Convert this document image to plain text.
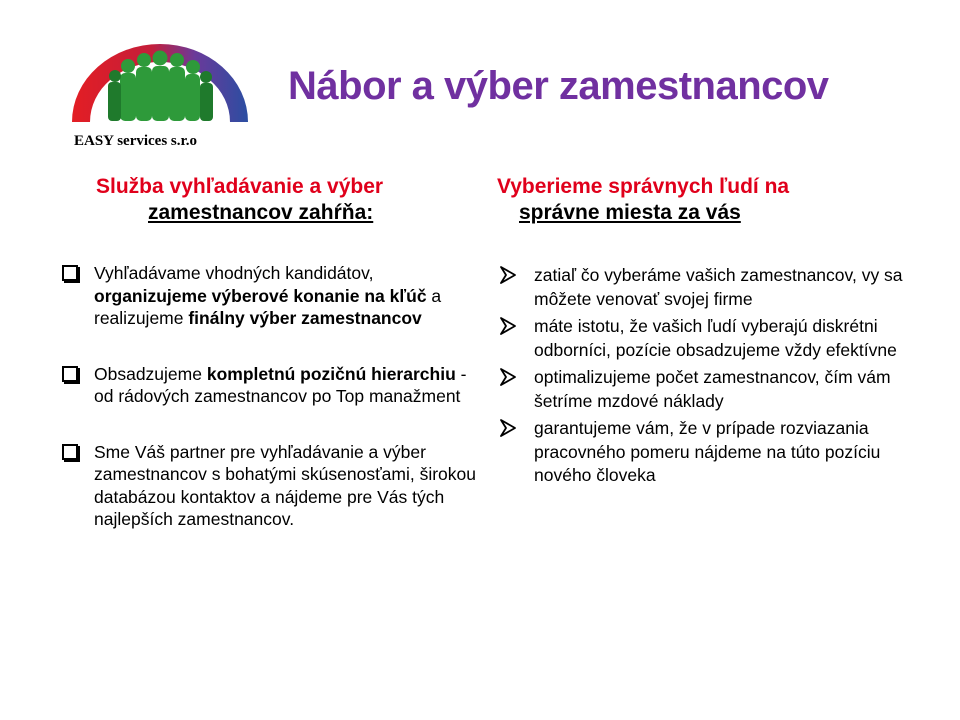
EASY services s.r.o
Nábor a výber zamestnancov
Služba vyhľadávanie a výber
zamestnancov zahŕňa:
Vyberieme správnych ľudí na
správne miesta za vás
Vyhľadávame vhodných kandidátov, organizujeme výberové konanie na kľúč a realizujeme finálny výber zamestnancov
Obsadzujeme kompletnú pozičnú hierarchiu - od rádových zamestnancov po Top manažment
Sme Váš partner pre vyhľadávanie a výber zamestnancov s bohatými skúsenosťami, širokou databázou kontaktov a nájdeme pre Vás tých najlepších zamestnancov.
zatiaľ čo vyberáme vašich zamestnancov, vy sa môžete venovať svojej firme
máte istotu, že vašich ľudí vyberajú diskrétni odborníci, pozície obsadzujeme vždy efektívne
optimalizujeme počet zamestnancov, čím vám šetríme mzdové náklady
garantujeme vám, že v prípade rozviazania pracovného pomeru nájdeme na túto pozíciu nového človeka
